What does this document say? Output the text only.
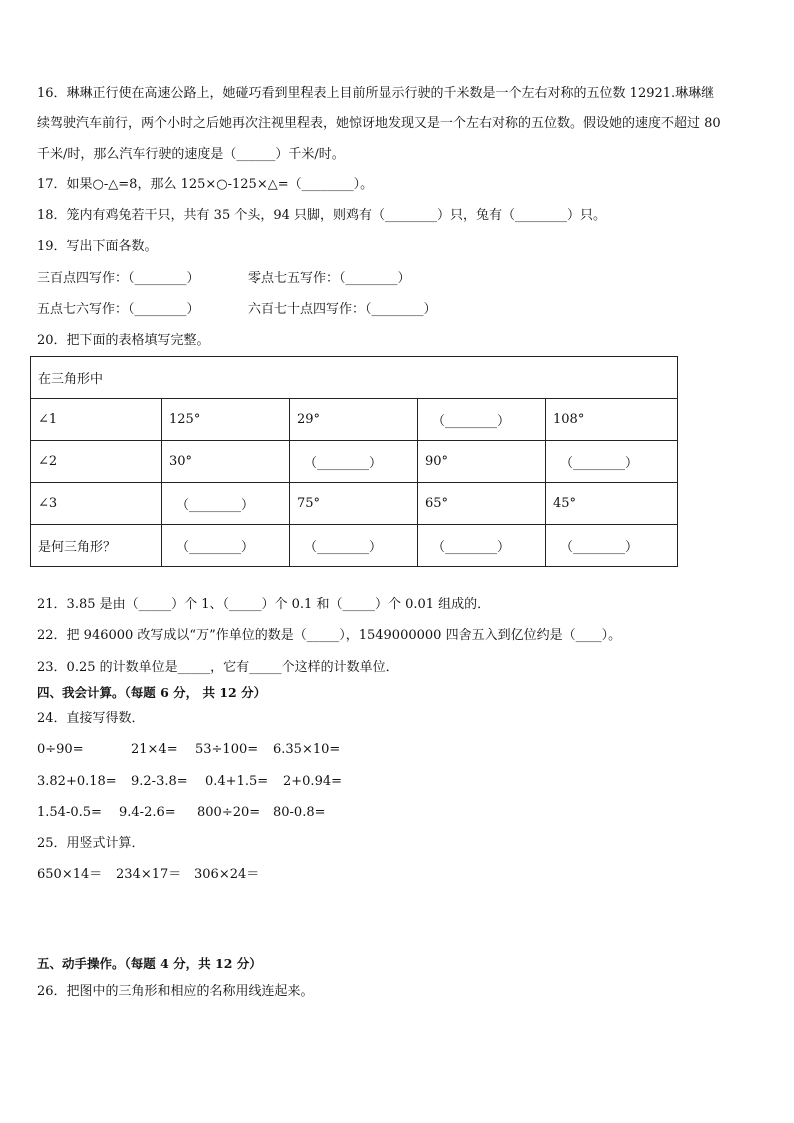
16．琳琳正行使在高速公路上，她碰巧看到里程表上目前所显示行驶的千米数是一个左右对称的五位数 12921.琳琳继
续驾驶汽车前行，两个小时之后她再次注视里程表，她惊讶地发现又是一个左右对称的五位数。假设她的速度不超过 80
千米/时，那么汽车行驶的速度是（______）千米/时。
17．如果○-△=8，那么 125×○-125×△=（________）。
18．笼内有鸡兔若干只，共有 35 个头，94 只脚，则鸡有（________）只，兔有（________）只。
19．写出下面各数。
三百点四写作：（________）	零点七五写作：（________）
五点七六写作：（________）	六百七十点四写作：（________）
20．把下面的表格填写完整。
在三角形中				
∠1	125°	29°	（________）	108°
∠2	30°	（________）	90°	（________）
∠3	（________）	75°	65°	45°
是何三角形？	（________）	（________）	（________）	（________）
21．3.85 是由（_____）个 1、（_____）个 0.1 和（_____）个 0.01 组成的．
22．把 946000 改写成以“万”作单位的数是（_____），1549000000 四舍五入到亿位约是（____）。
23．0.25 的计数单位是_____，它有_____个这样的计数单位．
四、我会计算。（每题 6 分， 共 12 分）
24．直接写得数．
0÷90=	21×4= 53÷100= 6.35×10=
3.82+0.18= 9.2-3.8= 0.4+1.5= 2+0.94=
1.54-0.5= 9.4-2.6= 800÷20= 80-0.8=
25．用竖式计算．
650×14＝ 234×17＝ 306×24＝
五、动手操作。（每题 4 分，共 12 分）
26．把图中的三角形和相应的名称用线连起来。
